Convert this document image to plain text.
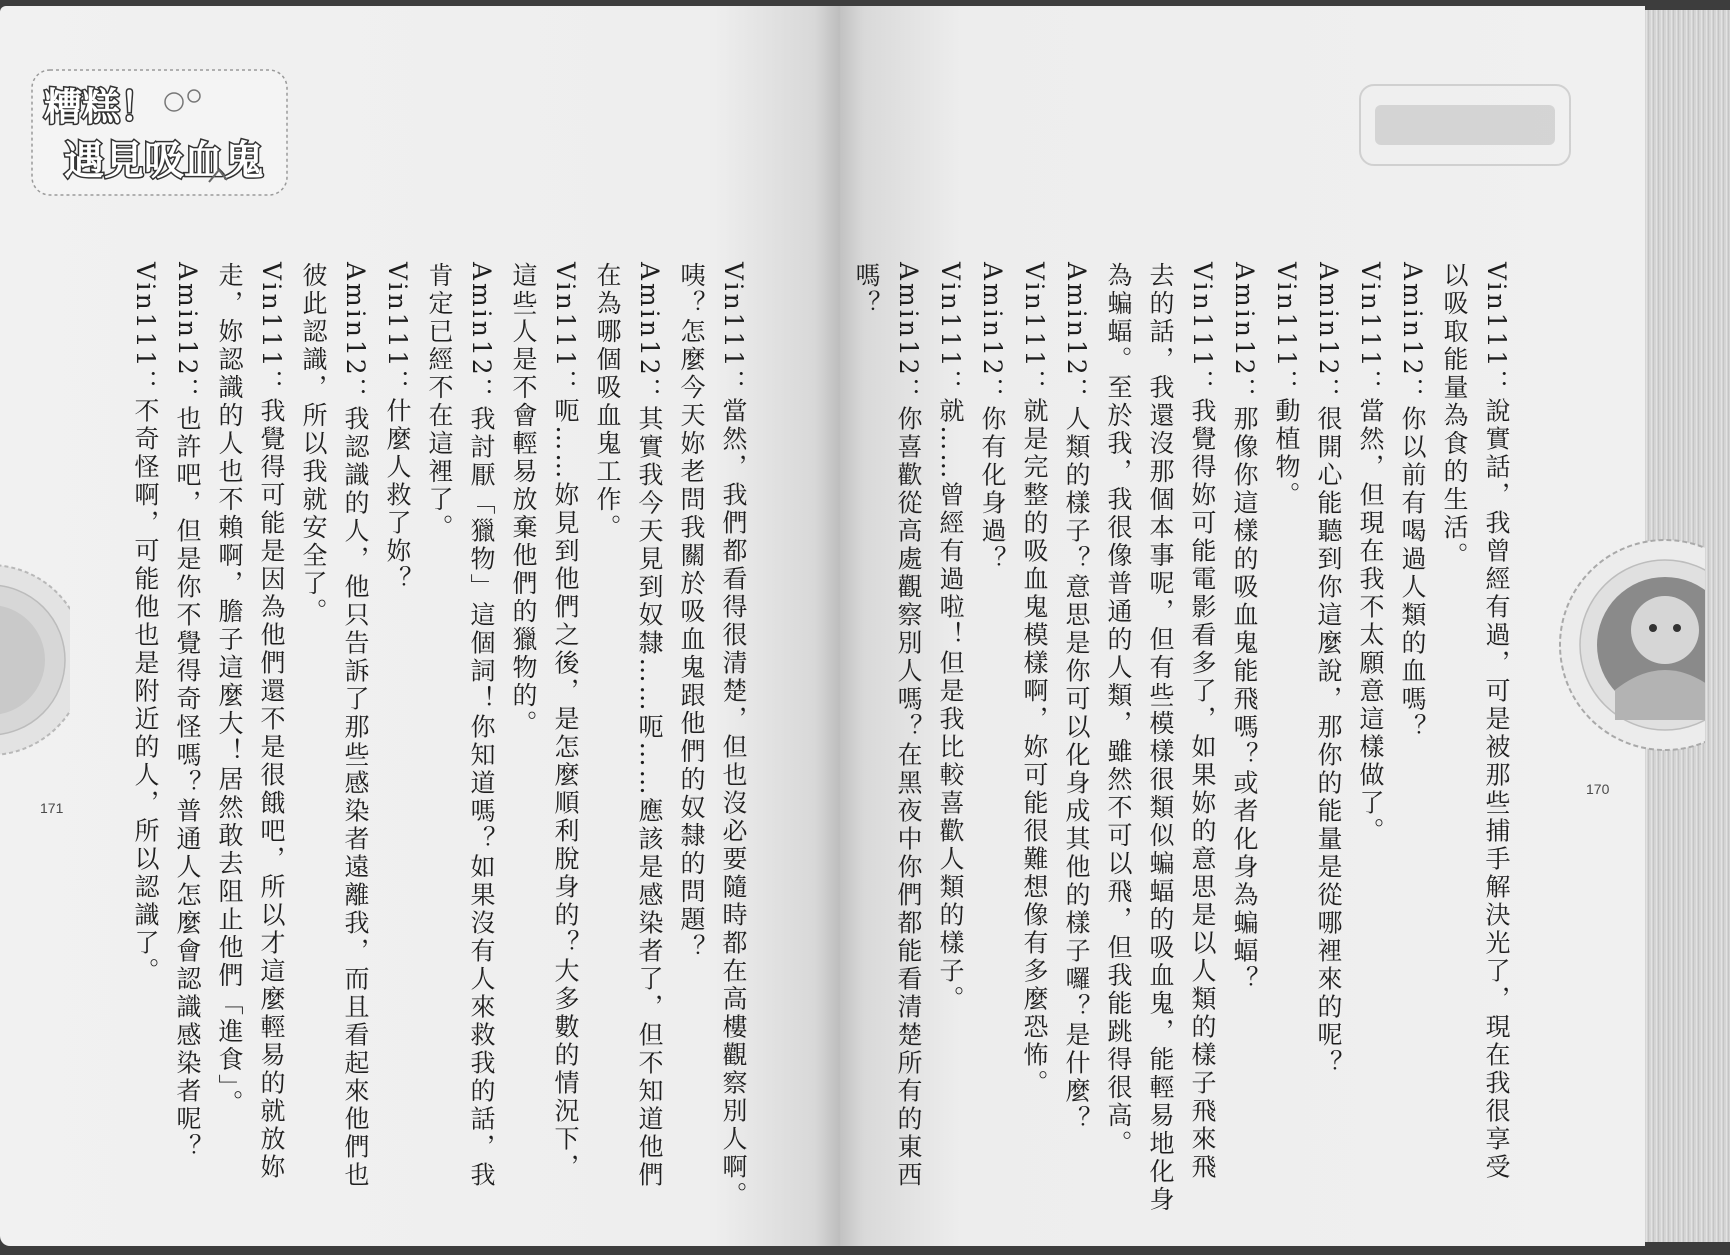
糟糕！
遇見吸血鬼
Vin111：當然，我們都看得很清楚，但也沒必要隨時都在高樓觀察別人啊。
咦？怎麼今天妳老問我關於吸血鬼跟他們的奴隸的問題？
Amin12：其實我今天見到奴隸……呃……應該是感染者了，但不知道他們
在為哪個吸血鬼工作。
Vin111：呃……妳見到他們之後，是怎麼順利脫身的？大多數的情況下，
這些人是不會輕易放棄他們的獵物的。
Amin12：我討厭「獵物」這個詞！你知道嗎？如果沒有人來救我的話，我
肯定已經不在這裡了。
Vin111：什麼人救了妳？
Amin12：我認識的人，他只告訴了那些感染者遠離我，而且看起來他們也
彼此認識，所以我就安全了。
Vin111：我覺得可能是因為他們還不是很餓吧，所以才這麼輕易的就放妳
走，妳認識的人也不賴啊，膽子這麼大！居然敢去阻止他們「進食」。
Amin12：也許吧，但是你不覺得奇怪嗎？普通人怎麼會認識感染者呢？
Vin111：不奇怪啊，可能他也是附近的人，所以認識了。	Vin111：說實話，我曾經有過，可是被那些捕手解決光了，現在我很享受
以吸取能量為食的生活。
Amin12：你以前有喝過人類的血嗎？
Vin111：當然，但現在我不太願意這樣做了。
Amin12：很開心能聽到你這麼說，那你的能量是從哪裡來的呢？
Vin111：動植物。
Amin12：那像你這樣的吸血鬼能飛嗎？或者化身為蝙蝠？
Vin111：我覺得妳可能電影看多了，如果妳的意思是以人類的樣子飛來飛
去的話，我還沒那個本事呢，但有些模樣很類似蝙蝠的吸血鬼，能輕易地化身
為蝙蝠。至於我，我很像普通的人類，雖然不可以飛，但我能跳得很高。
Amin12：人類的樣子？意思是你可以化身成其他的樣子囉？是什麼？
Vin111：就是完整的吸血鬼模樣啊，妳可能很難想像有多麼恐怖。
Amin12：你有化身過？
Vin111：就……曾經有過啦！但是我比較喜歡人類的樣子。
Amin12：你喜歡從高處觀察別人嗎？在黑夜中你們都能看清楚所有的東西
嗎？
171
170
